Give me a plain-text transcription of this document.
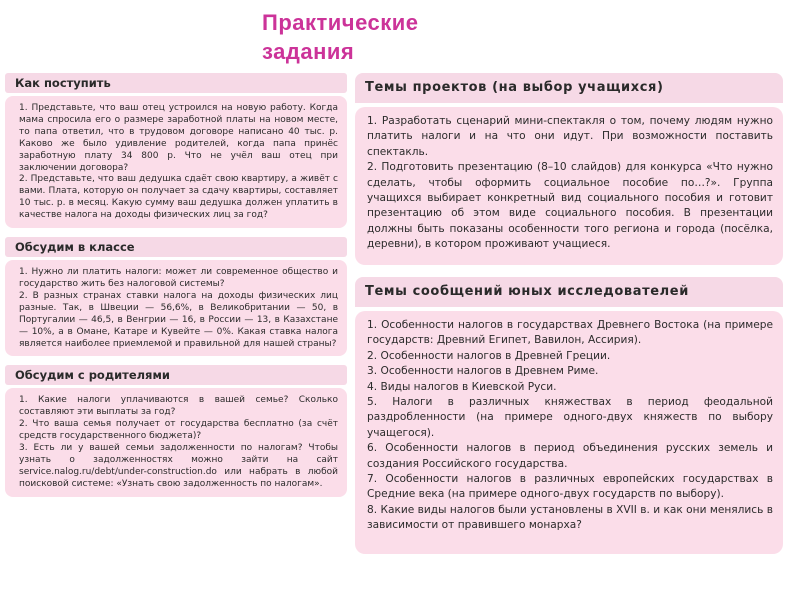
Практические
задания
Как поступить

1. Представьте, что ваш отец устроился на новую работу. Когда мама спросила его о размере заработной платы на новом месте, то папа ответил, что в трудовом договоре написано 40 тыс. р. Каково же было удивление родителей, когда папа принёс заработную плату 34 800 р. Что не учёл ваш отец при заключении договора?

2. Представьте, что ваш дедушка сдаёт свою квартиру, а живёт с вами. Плата, которую он получает за сдачу квартиры, составляет 10 тыс. р. в месяц. Какую сумму ваш дедушка должен уплатить в качестве налога на доходы физических лиц за год?

Обсудим в классе

1. Нужно ли платить налоги: может ли современное общество и государство жить без налоговой системы?

2. В разных странах ставки налога на доходы физических лиц разные. Так, в Швеции — 56,6%, в Великобритании — 50, в Португалии — 46,5, в Венгрии — 16, в России — 13, в Казахстане — 10%, а в Омане, Катаре и Кувейте — 0%. Какая ставка налога является наиболее приемлемой и правильной для нашей страны?

Обсудим с родителями

1. Какие налоги уплачиваются в вашей семье? Сколько составляют эти выплаты за год?

2. Что ваша семья получает от государства бесплатно (за счёт средств государственного бюджета)?

3. Есть ли у вашей семьи задолженности по налогам? Чтобы узнать о задолженностях можно зайти на сайт service.nalog.ru/debt/under-construction.do или набрать в любой поисковой системе: «Узнать свою задолженность по налогам».

Темы проектов (на выбор учащихся)

1. Разработать сценарий мини-спектакля о том, почему людям нужно платить налоги и на что они идут. При возможности поставить спектакль.

2. Подготовить презентацию (8–10 слайдов) для конкурса «Что нужно сделать, чтобы оформить социальное пособие по…?». Группа учащихся выбирает конкретный вид социального пособия и готовит презентацию об этом виде социального пособия. В презентации должны быть показаны особенности того региона и города (посёлка, деревни), в котором проживают учащиеся.

Темы сообщений юных исследователей

1. Особенности налогов в государствах Древнего Востока (на примере государств: Древний Египет, Вавилон, Ассирия).

2. Особенности налогов в Древней Греции.

3. Особенности налогов в Древнем Риме.

4. Виды налогов в Киевской Руси.

5. Налоги в различных княжествах в период феодальной раздробленности (на примере одного-двух княжеств по выбору учащегося).

6. Особенности налогов в период объединения русских земель и создания Российского государства.

7. Особенности налогов в различных европейских государствах в Средние века (на примере одного-двух государств по выбору).

8. Какие виды налогов были установлены в XVII в. и как они менялись в зависимости от правившего монарха?
